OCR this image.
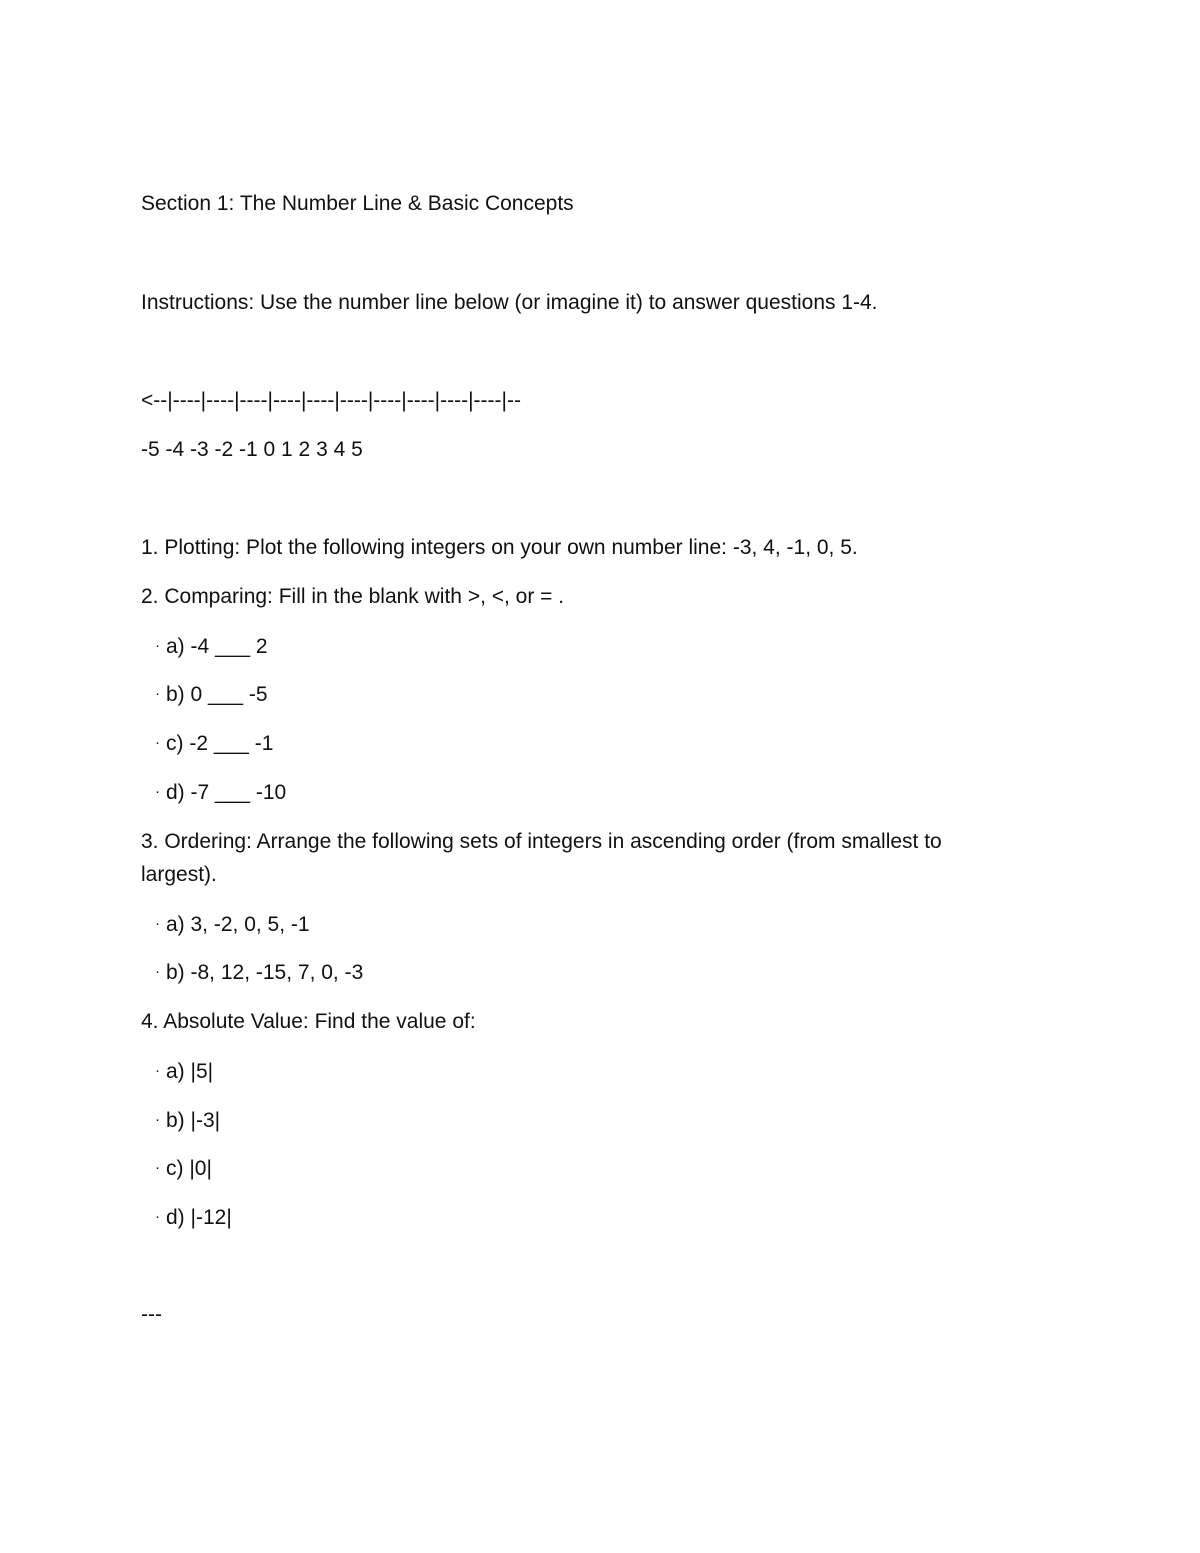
Section 1: The Number Line & Basic Concepts

Instructions: Use the number line below (or imagine it) to answer questions 1-4.

<--|----|----|----|----|----|----|----|----|----|----|--

-5 -4 -3 -2 -1 0 1 2 3 4 5

1. Plotting: Plot the following integers on your own number line: -3, 4, -1, 0, 5.

2. Comparing: Fill in the blank with >, <, or = .

· a) -4 ___ 2

· b) 0 ___ -5

· c) -2 ___ -1

· d) -7 ___ -10

3. Ordering: Arrange the following sets of integers in ascending order (from smallest to largest).

· a) 3, -2, 0, 5, -1

· b) -8, 12, -15, 7, 0, -3

4. Absolute Value: Find the value of:

· a) |5|

· b) |-3|

· c) |0|

· d) |-12|

---
